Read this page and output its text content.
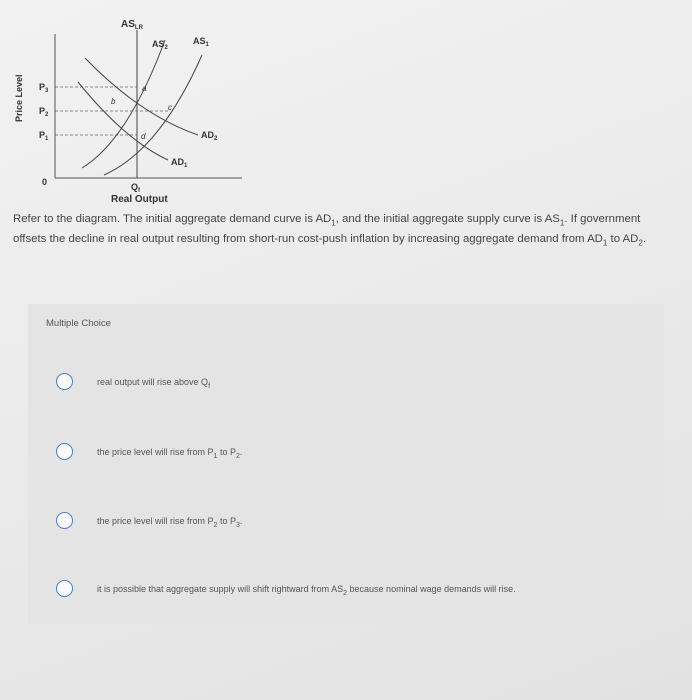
$AS_{LR}$
$AS_2$
$AS_1$
$AD_2$
$AD_1$
a
b
c
d
$P_3$
$P_2$
$P_1$
Price Level
0	$Q_f$
Real Output
Refer to the diagram. The initial aggregate demand curve is $AD_1$, and the initial aggregate supply curve is $AS_1$. If government offsets the decline in real output resulting from short-run cost-push inflation by increasing aggregate demand from $AD_1$ to $AD_2$.
Multiple Choice
real output will rise above $Q_f$
the price level will rise from $P_1$ to $P_2$.
the price level will rise from $P_2$ to $P_3$.
it is possible that aggregate supply will shift rightward from $AS_2$ because nominal wage demands will rise.
